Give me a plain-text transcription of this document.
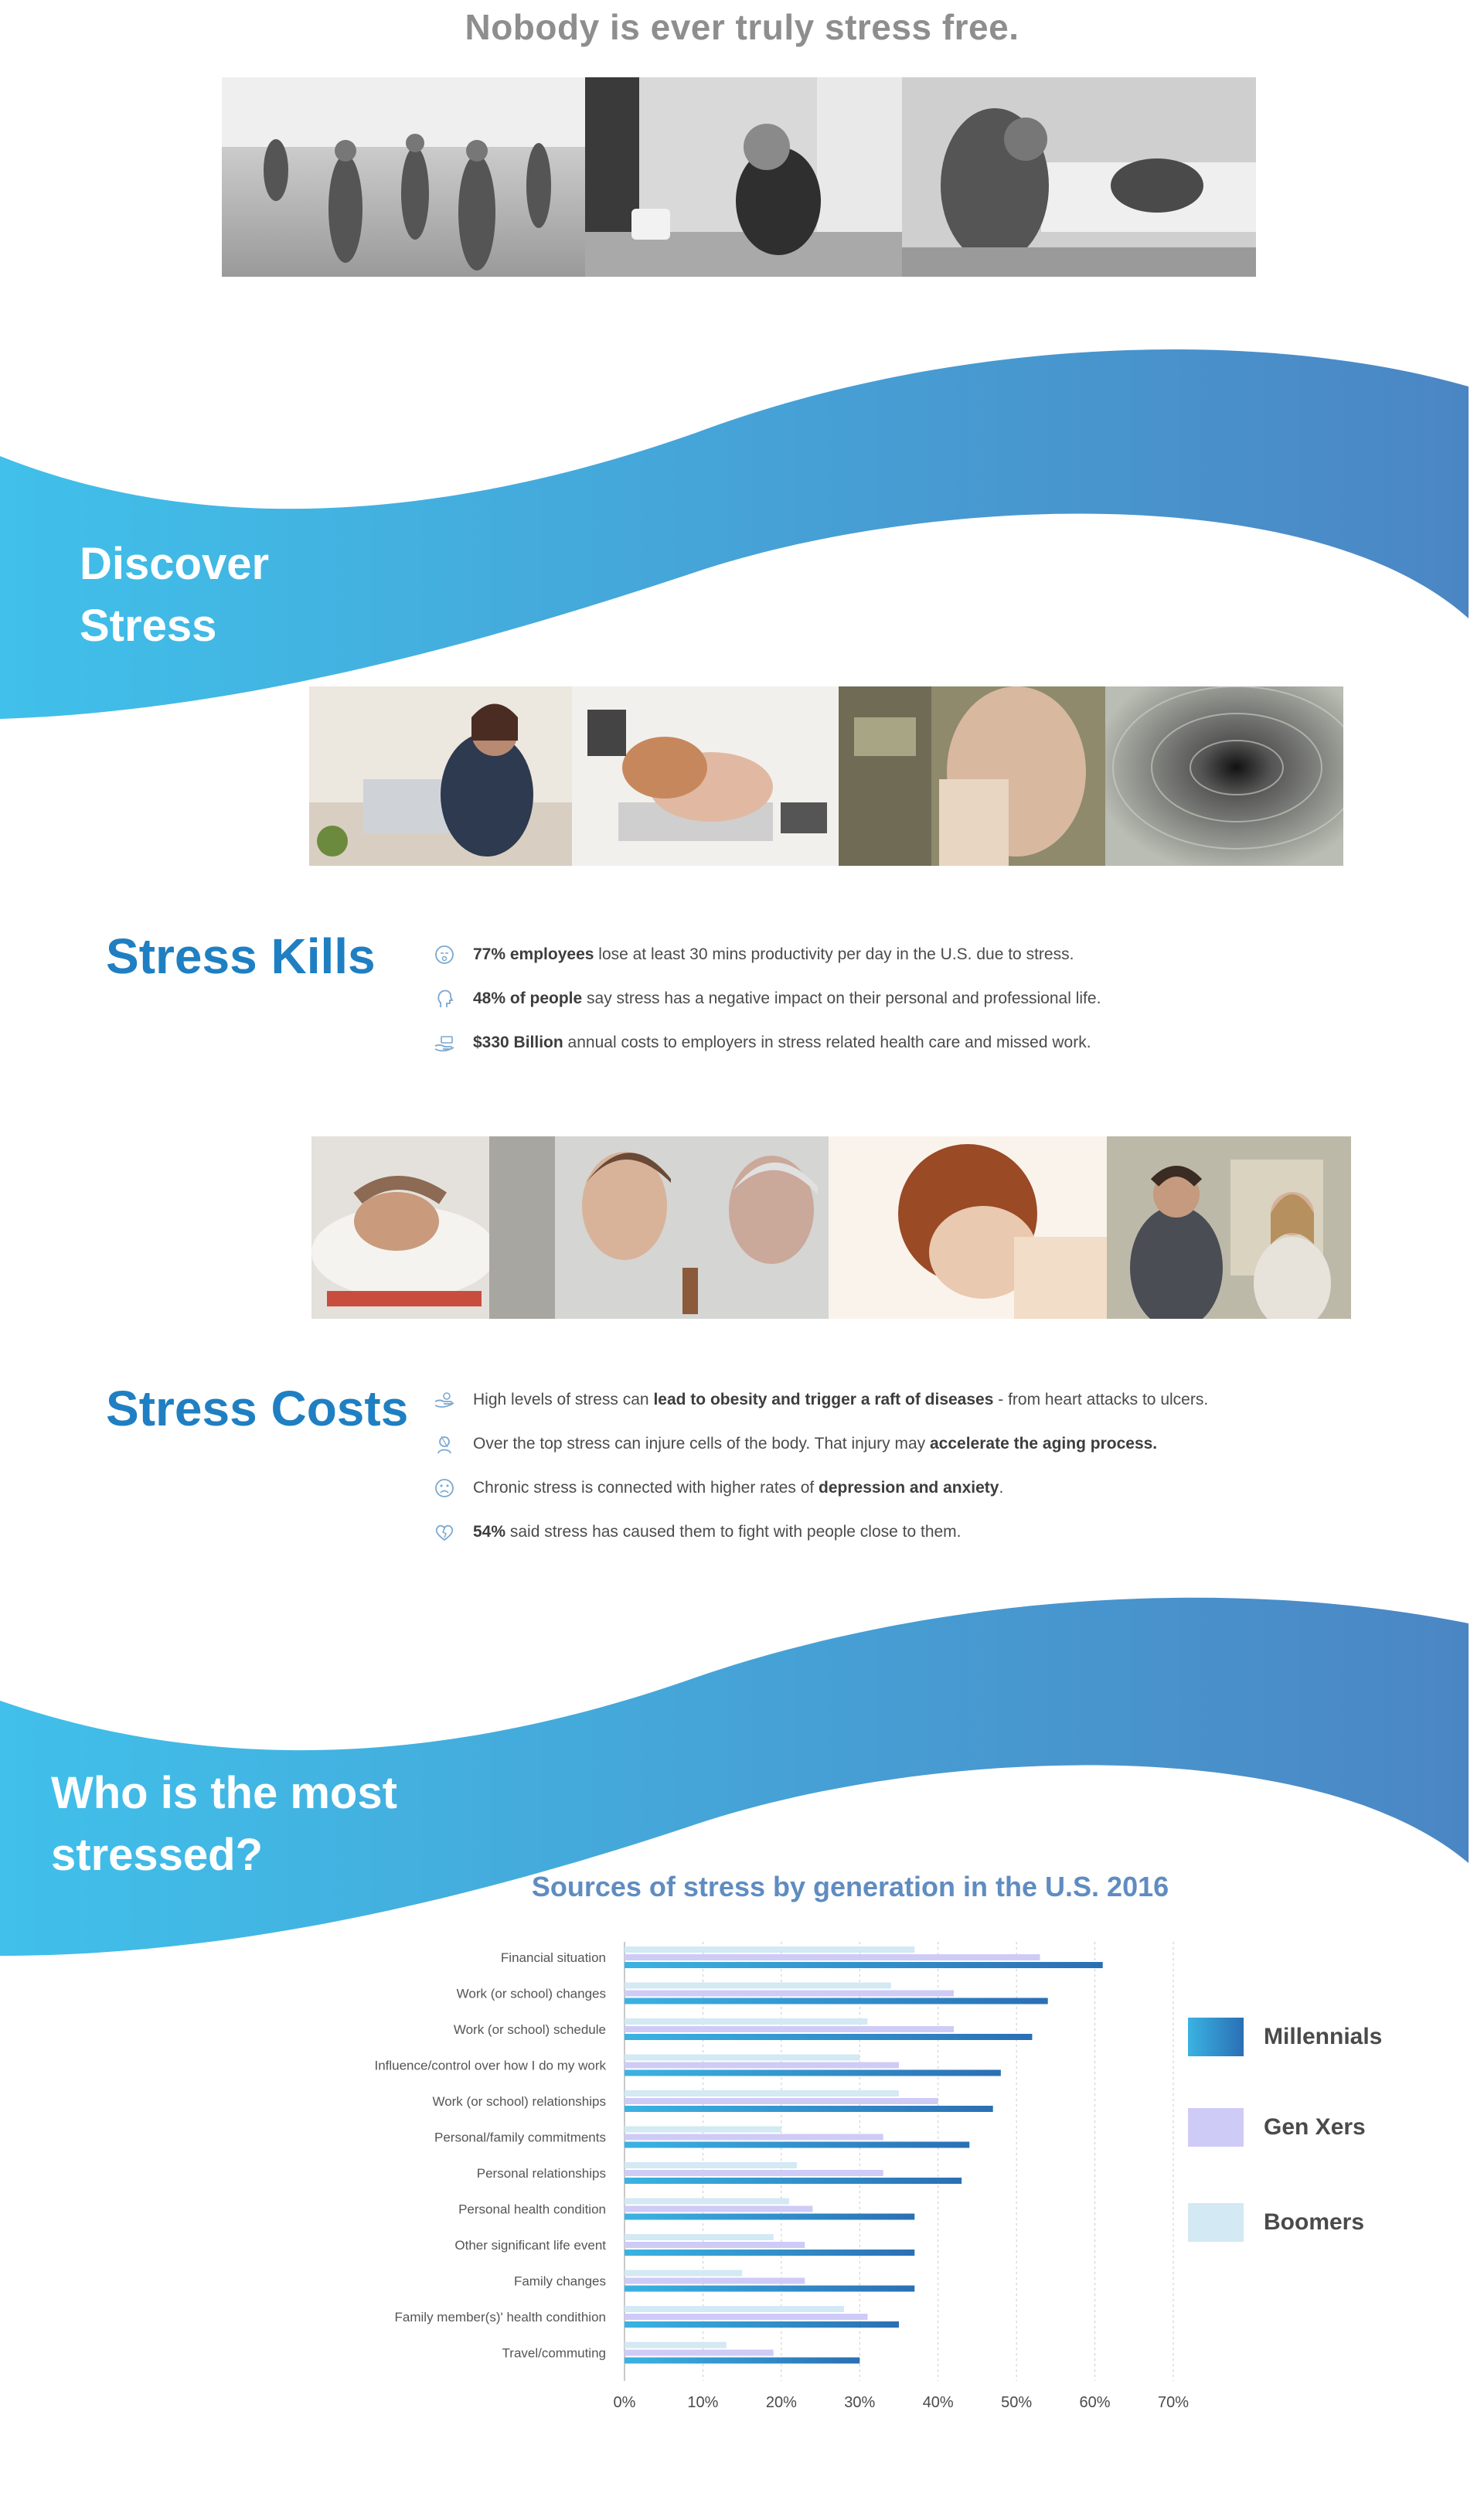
Nobody is ever truly stress free.
Discover
Stress
Stress Kills	77% employees lose at least 30 mins productivity per day in the U.S. due to stress.
48% of people say stress has a negative impact on their personal and professional life.
$330 Billion annual costs to employers in stress related health care and missed work.
Stress Costs	High levels of stress can lead to obesity and trigger a raft of diseases - from heart attacks to ulcers.
Over the top stress can injure cells of the body. That injury may accelerate the aging process.
Chronic stress is connected with higher rates of depression and anxiety.
54% said stress has caused them to fight with people close to them.
Who is the most
stressed?
Sources of stress by generation in the U.S. 2016
Financial situation
Work (or school) changes
Work (or school) schedule
Influence/control over how I do my work
Work (or school) relationships
Personal/family commitments
Personal relationships
Personal health condition
Other significant life event
Family changes
Family member(s)' health condithion
Travel/commuting
0%	10%	20%	30%	40%	50%	60%	70%
Millennials
Gen Xers
Boomers
